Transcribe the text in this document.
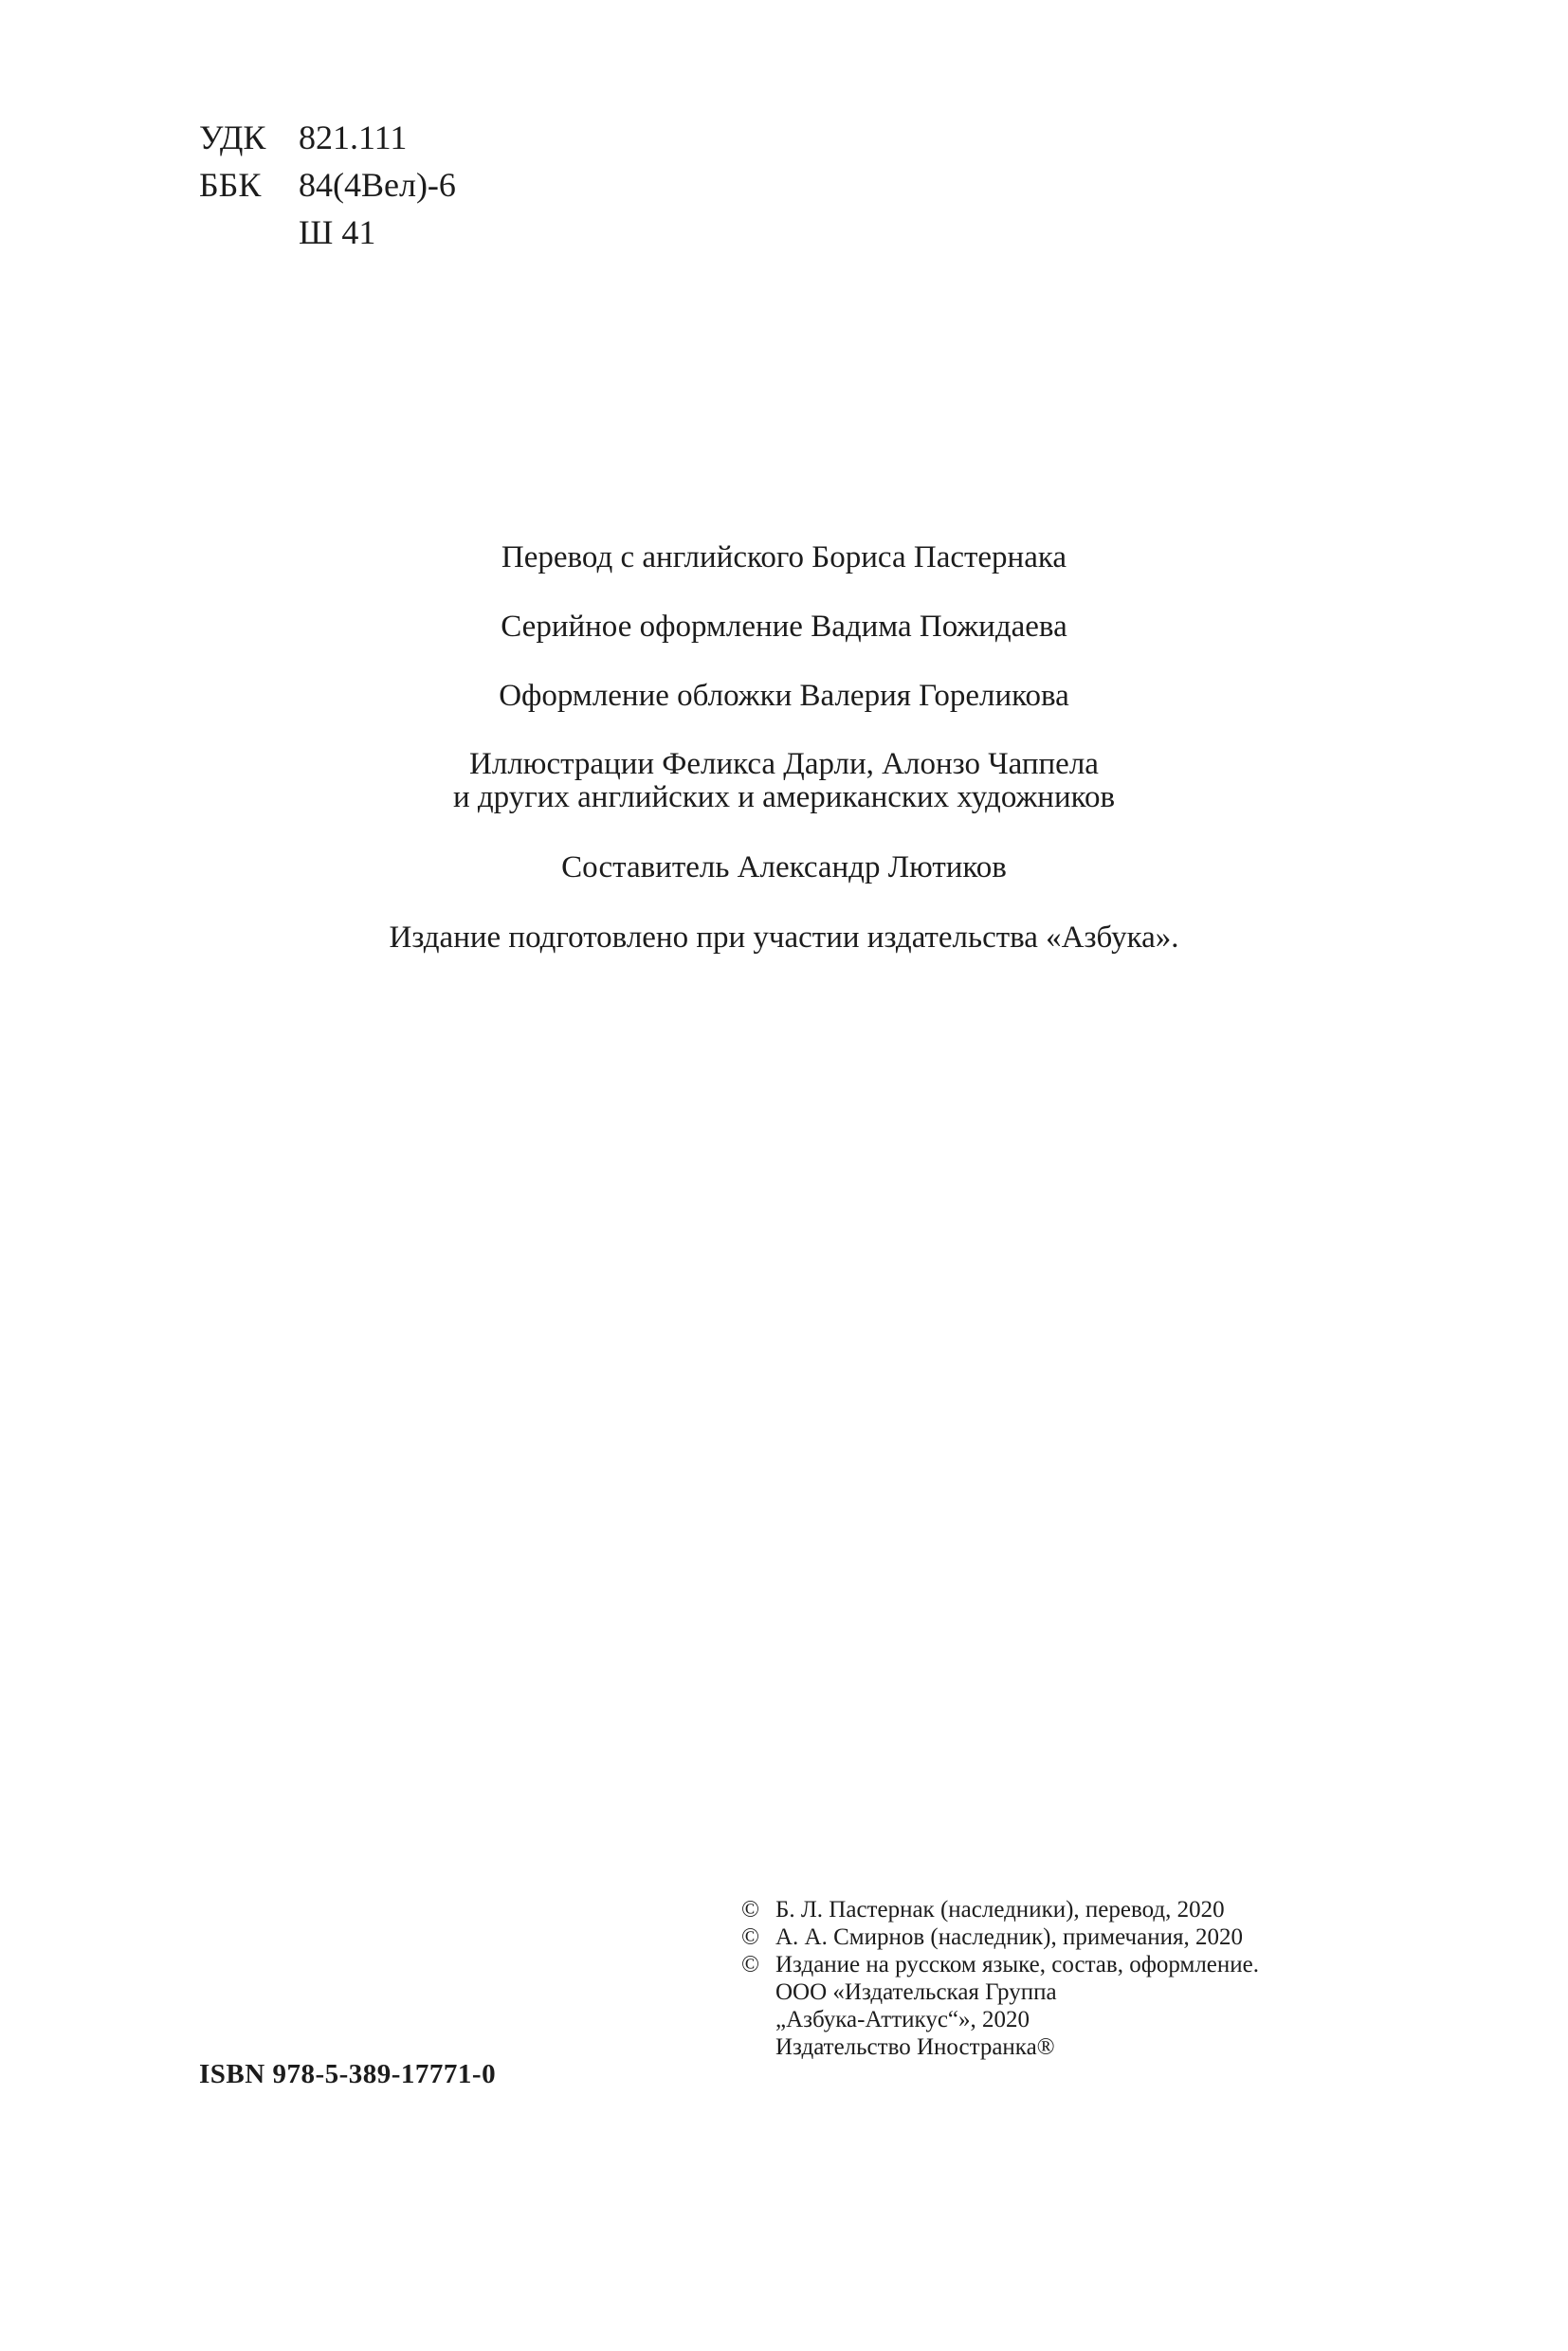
УДК 821.111
ББК	84(4Вел)-6
Ш 41
Перевод с английского Бориса Пастернака
Серийное оформление Вадима Пожидаева
Оформление обложки Валерия Гореликова
Иллюстрации Феликса Дарли, Алонзо Чаппела
и других английских и американских художников
Составитель Александр Лютиков
Издание подготовлено при участии издательства «Азбука».
ISBN 978-5-389-17771-0
© Б. Л. Пастернак (наследники), перевод, 2020
© А. А. Смирнов (наследник), примечания, 2020
© Издание на русском языке, состав, оформление.
ООО «Издательская Группа
„Азбука-Аттикус“», 2020
Издательство Иностранка®
